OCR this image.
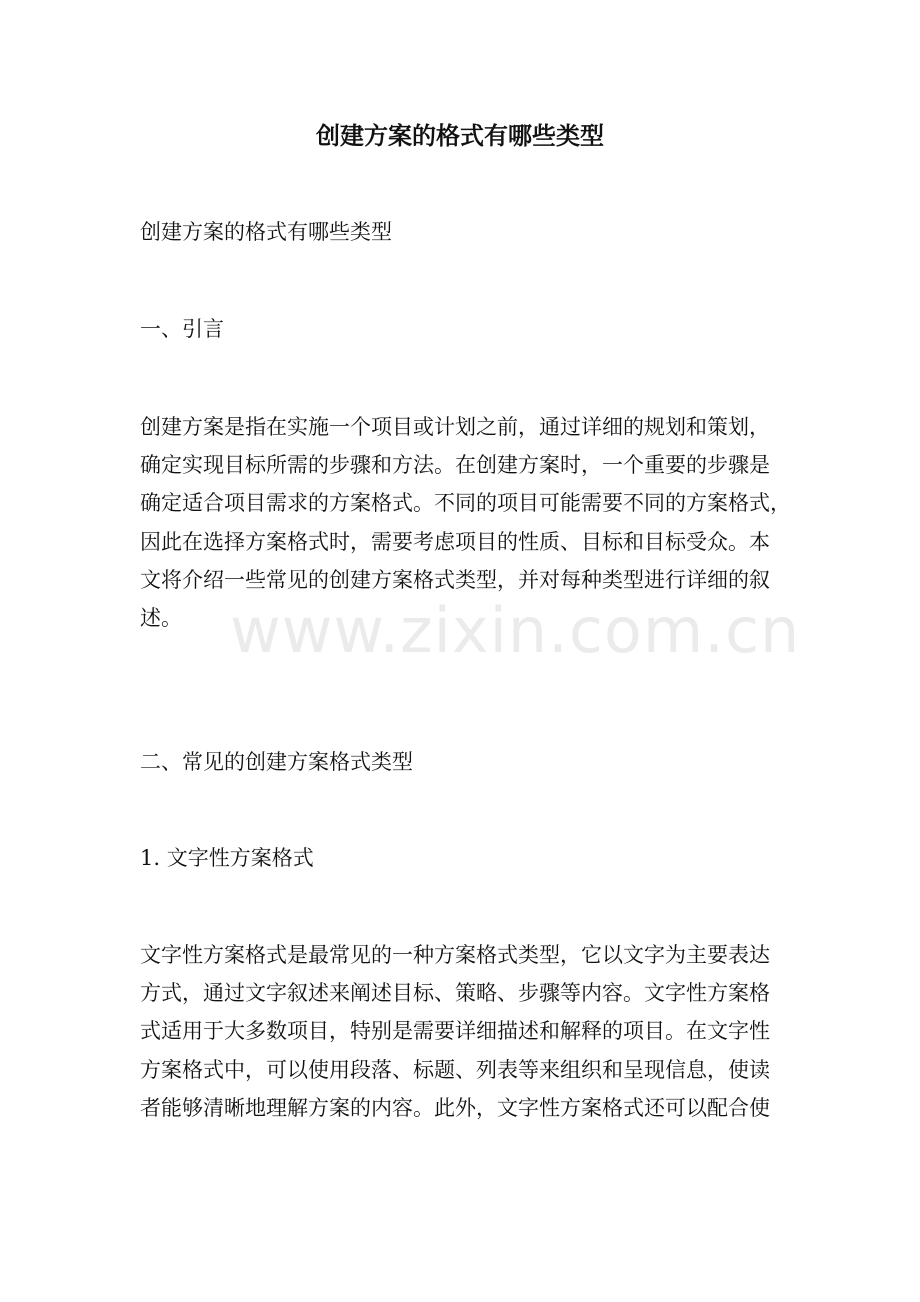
创建方案的格式有哪些类型

创建方案的格式有哪些类型

一、引言

创建方案是指在实施一个项目或计划之前，通过详细的规划和策划，
确定实现目标所需的步骤和方法。在创建方案时，一个重要的步骤是
确定适合项目需求的方案格式。不同的项目可能需要不同的方案格式，
因此在选择方案格式时，需要考虑项目的性质、目标和目标受众。本
文将介绍一些常见的创建方案格式类型，并对每种类型进行详细的叙
述。

二、常见的创建方案格式类型

1. 文字性方案格式

文字性方案格式是最常见的一种方案格式类型，它以文字为主要表达
方式，通过文字叙述来阐述目标、策略、步骤等内容。文字性方案格
式适用于大多数项目，特别是需要详细描述和解释的项目。在文字性
方案格式中，可以使用段落、标题、列表等来组织和呈现信息，使读
者能够清晰地理解方案的内容。此外，文字性方案格式还可以配合使
www.zixin.com.cn
